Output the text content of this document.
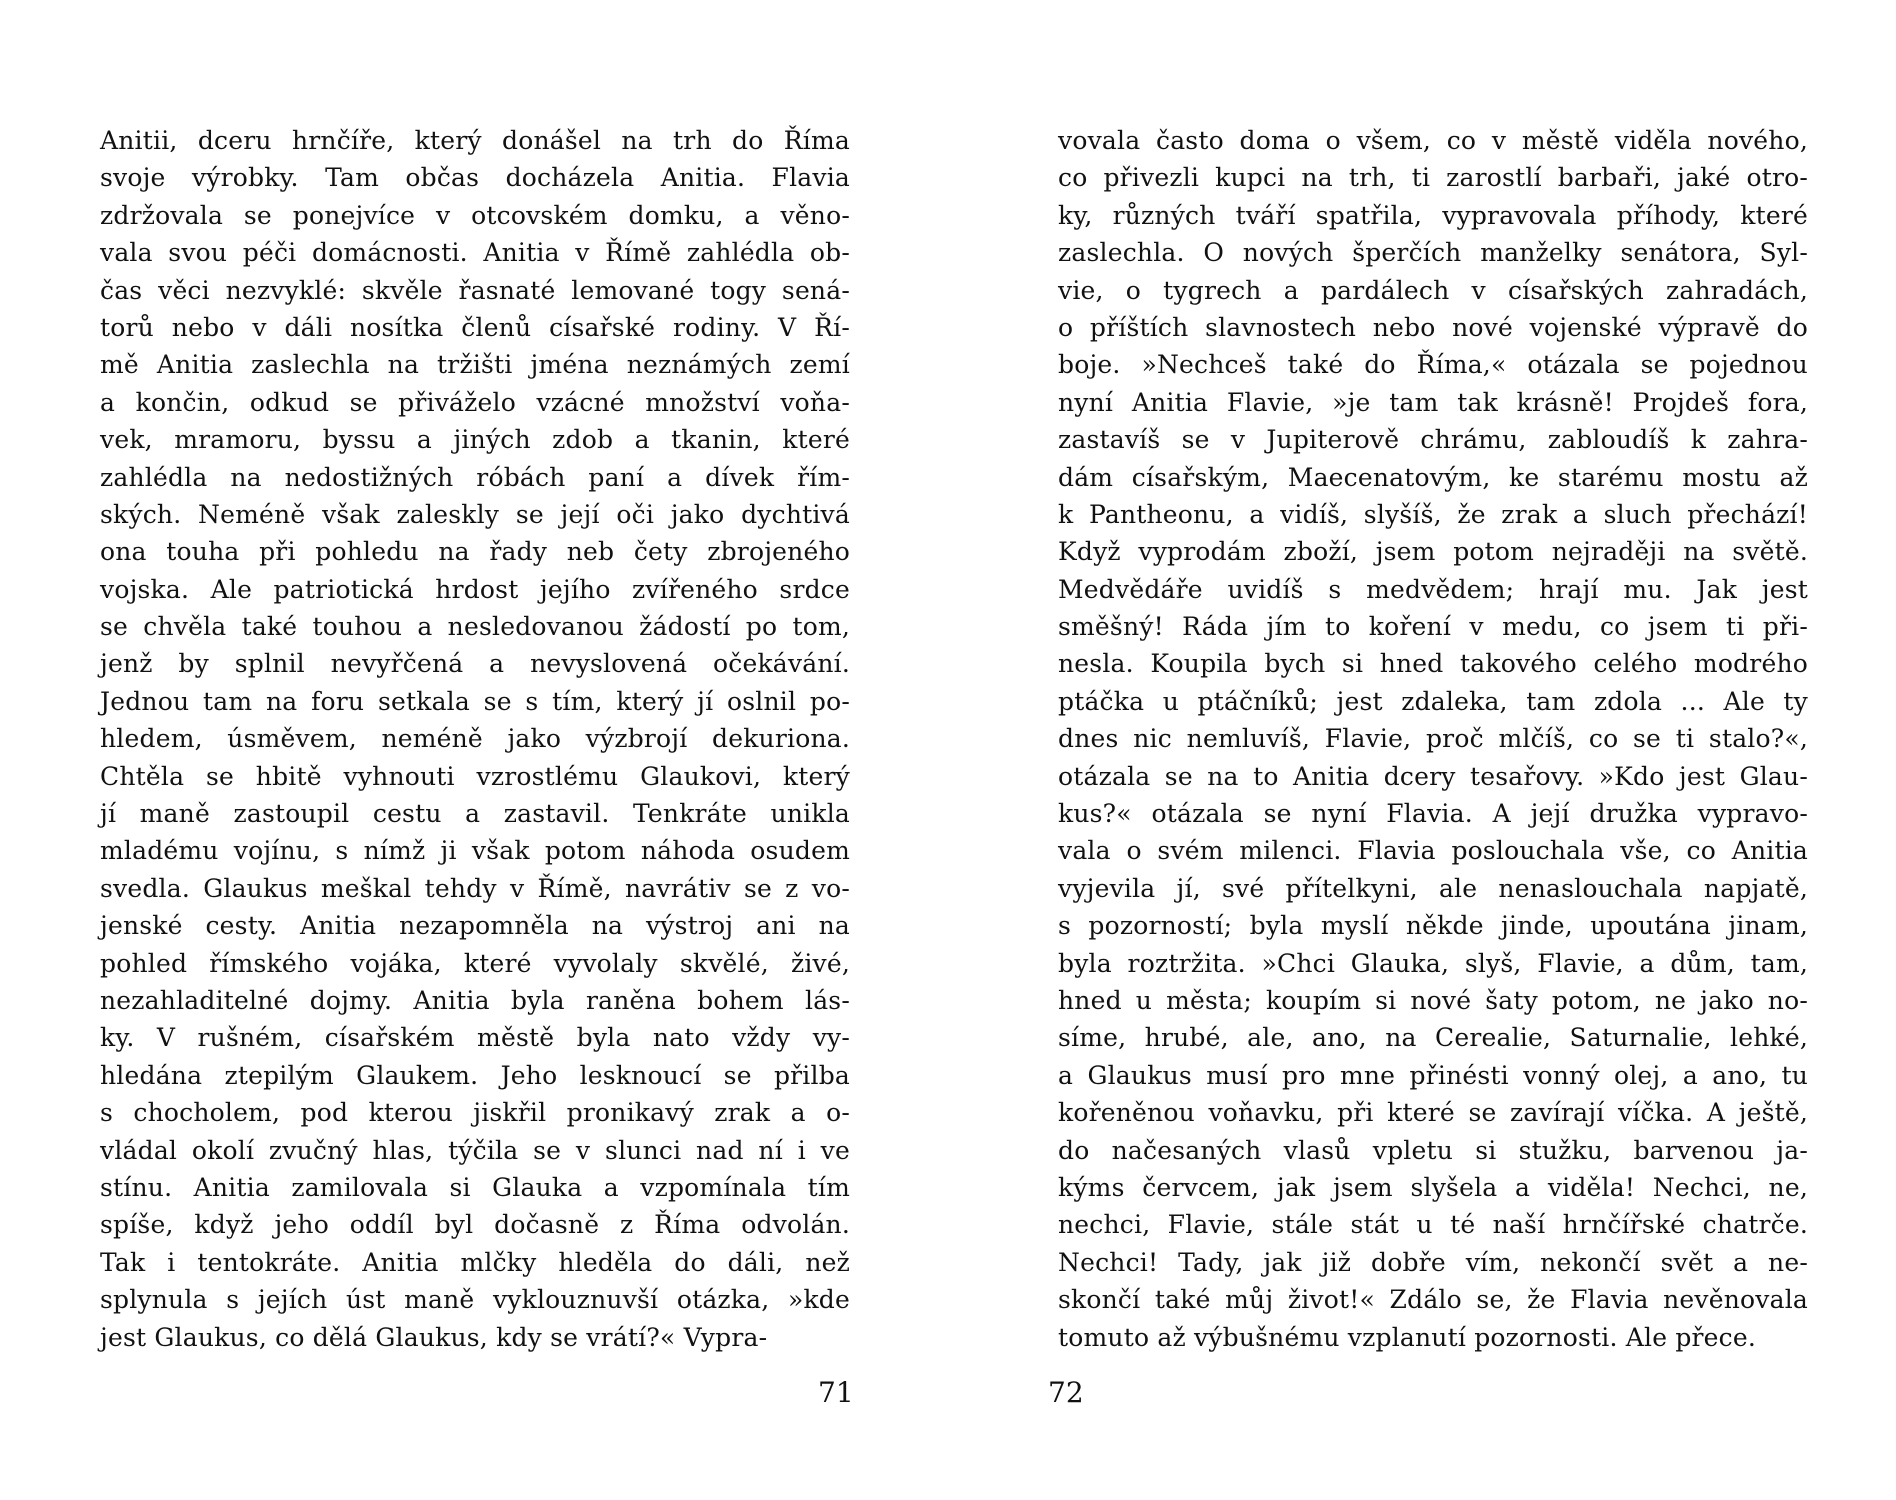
Anitii, dceru hrnčíře, který donášel na trh do Říma
svoje výrobky. Tam občas docházela Anitia. Flavia
zdržovala se ponejvíce v otcovském domku, a věno-
vala svou péči domácnosti. Anitia v Římě zahlédla ob-
čas věci nezvyklé: skvěle řasnaté lemované togy sená-
torů nebo v dáli nosítka členů císařské rodiny. V Ří-
mě Anitia zaslechla na tržišti jména neznámých zemí
a končin, odkud se přiváželo vzácné množství voňa-
vek, mramoru, byssu a jiných zdob a tkanin, které
zahlédla na nedostižných róbách paní a dívek řím-
ských. Neméně však zaleskly se její oči jako dychtivá
ona touha při pohledu na řady neb čety zbrojeného
vojska. Ale patriotická hrdost jejího zvířeného srdce
se chvěla také touhou a nesledovanou žádostí po tom,
jenž by splnil nevyřčená a nevyslovená očekávání.
Jednou tam na foru setkala se s tím, který jí oslnil po-
hledem, úsměvem, neméně jako výzbrojí dekuriona.
Chtěla se hbitě vyhnouti vzrostlému Glaukovi, který
jí maně zastoupil cestu a zastavil. Tenkráte unikla
mladému vojínu, s nímž ji však potom náhoda osudem
svedla. Glaukus meškal tehdy v Římě, navrátiv se z vo-
jenské cesty. Anitia nezapomněla na výstroj ani na
pohled římského vojáka, které vyvolaly skvělé, živé,
nezahladitelné dojmy. Anitia byla raněna bohem lás-
ky. V rušném, císařském městě byla nato vždy vy-
hledána ztepilým Glaukem. Jeho lesknoucí se přilba
s chocholem, pod kterou jiskřil pronikavý zrak a o-
vládal okolí zvučný hlas, týčila se v slunci nad ní i ve
stínu. Anitia zamilovala si Glauka a vzpomínala tím
spíše, když jeho oddíl byl dočasně z Říma odvolán.
Tak i tentokráte. Anitia mlčky hleděla do dáli, než
splynula s jejích úst maně vyklouznuvší otázka, »kde
jest Glaukus, co dělá Glaukus, kdy se vrátí?« Vypra-
71
vovala často doma o všem, co v městě viděla nového,
co přivezli kupci na trh, ti zarostlí barbaři, jaké otro-
ky, různých tváří spatřila, vypravovala příhody, které
zaslechla. O nových šperčích manželky senátora, Syl-
vie, o tygrech a pardálech v císařských zahradách,
o příštích slavnostech nebo nové vojenské výpravě do
boje. »Nechceš také do Říma,« otázala se pojednou
nyní Anitia Flavie, »je tam tak krásně! Projdeš fora,
zastavíš se v Jupiterově chrámu, zabloudíš k zahra-
dám císařským, Maecenatovým, ke starému mostu až
k Pantheonu, a vidíš, slyšíš, že zrak a sluch přechází!
Když vyprodám zboží, jsem potom nejraději na světě.
Medvědáře uvidíš s medvědem; hrají mu. Jak jest
směšný! Ráda jím to koření v medu, co jsem ti při-
nesla. Koupila bych si hned takového celého modrého
ptáčka u ptáčníků; jest zdaleka, tam zdola ... Ale ty
dnes nic nemluvíš, Flavie, proč mlčíš, co se ti stalo?«,
otázala se na to Anitia dcery tesařovy. »Kdo jest Glau-
kus?« otázala se nyní Flavia. A její družka vypravo-
vala o svém milenci. Flavia poslouchala vše, co Anitia
vyjevila jí, své přítelkyni, ale nenaslouchala napjatě,
s pozorností; byla myslí někde jinde, upoutána jinam,
byla roztržita. »Chci Glauka, slyš, Flavie, a dům, tam,
hned u města; koupím si nové šaty potom, ne jako no-
síme, hrubé, ale, ano, na Cerealie, Saturnalie, lehké,
a Glaukus musí pro mne přinésti vonný olej, a ano, tu
kořeněnou voňavku, při které se zavírají víčka. A ještě,
do načesaných vlasů vpletu si stužku, barvenou ja-
kýms červcem, jak jsem slyšela a viděla! Nechci, ne,
nechci, Flavie, stále stát u té naší hrnčířské chatrče.
Nechci! Tady, jak již dobře vím, nekončí svět a ne-
skončí také můj život!« Zdálo se, že Flavia nevěnovala
tomuto až výbušnému vzplanutí pozornosti. Ale přece.
72
